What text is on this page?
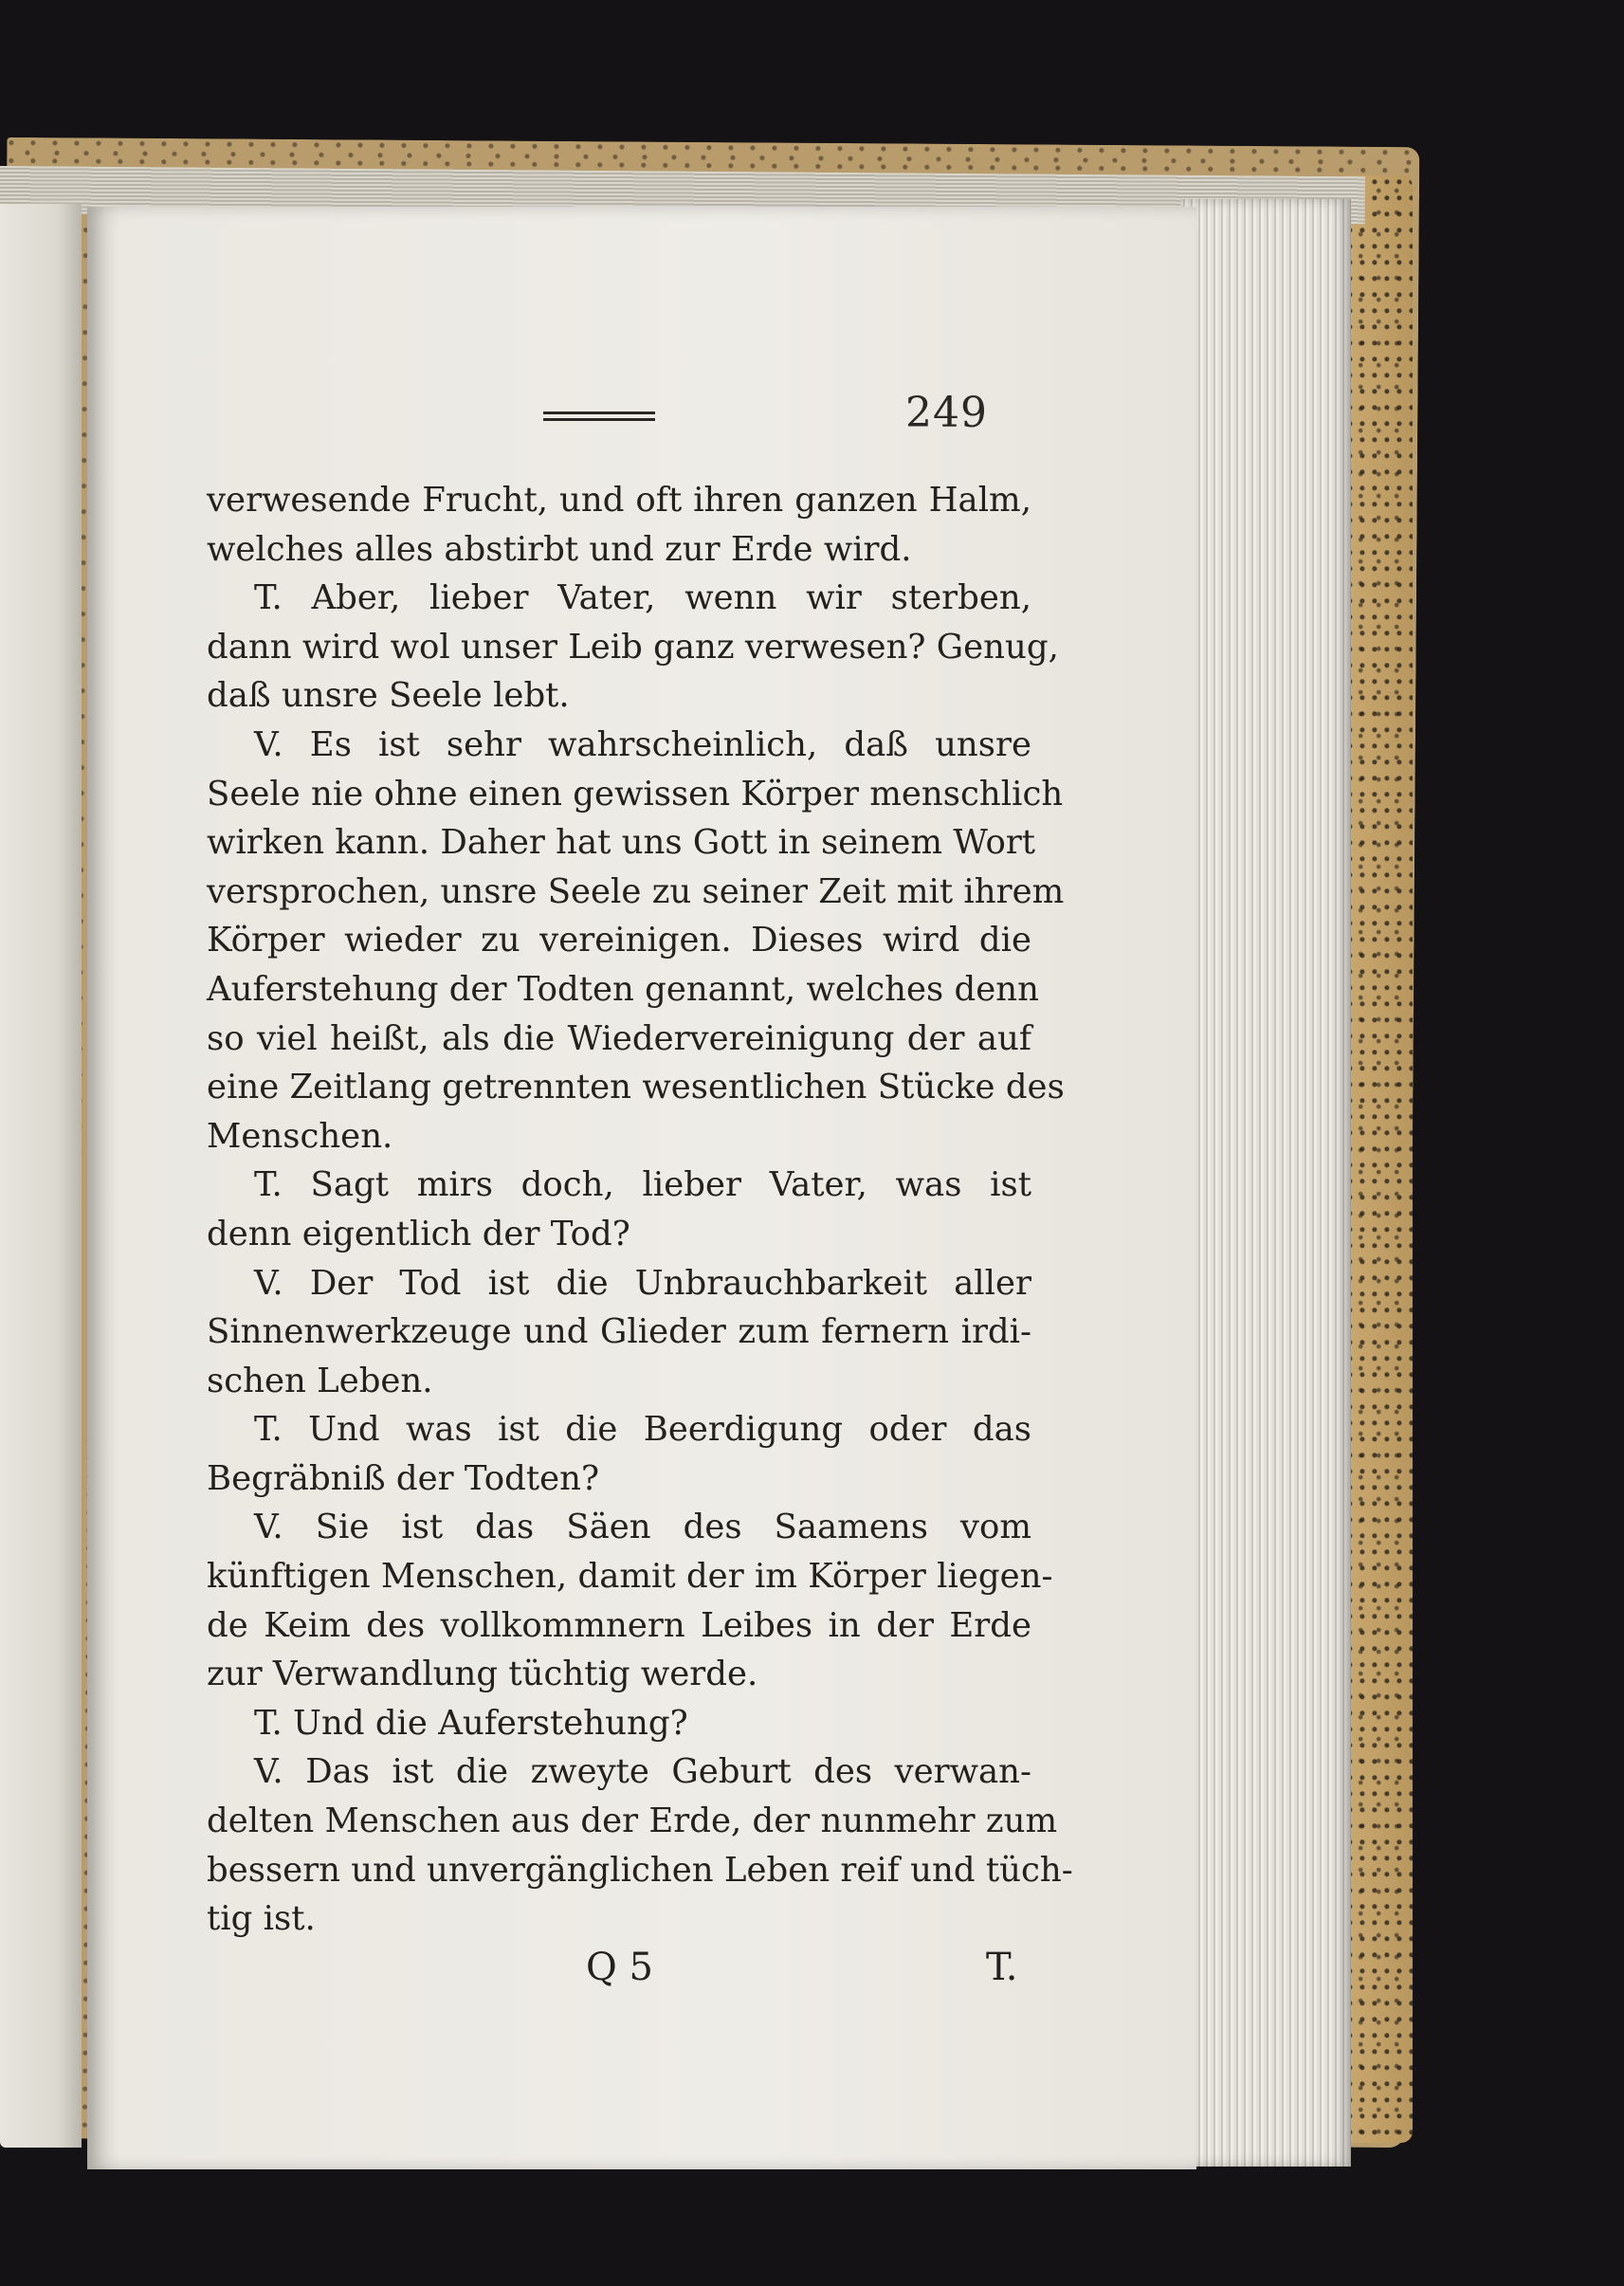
249
verwesende Frucht, und oft ihren ganzen Halm,
welches alles abstirbt und zur Erde wird.
T. Aber, lieber Vater, wenn wir sterben,
dann wird wol unser Leib ganz verwesen? Genug,
daß unsre Seele lebt.
V. Es ist sehr wahrscheinlich, daß unsre
Seele nie ohne einen gewissen Körper menschlich
wirken kann. Daher hat uns Gott in seinem Wort
versprochen, unsre Seele zu seiner Zeit mit ihrem
Körper wieder zu vereinigen. Dieses wird die
Auferstehung der Todten genannt, welches denn
so viel heißt, als die Wiedervereinigung der auf
eine Zeitlang getrennten wesentlichen Stücke des
Menschen.
T. Sagt mirs doch, lieber Vater, was ist
denn eigentlich der Tod?
V. Der Tod ist die Unbrauchbarkeit aller
Sinnenwerkzeuge und Glieder zum fernern irdi-
schen Leben.
T. Und was ist die Beerdigung oder das
Begräbniß der Todten?
V. Sie ist das Säen des Saamens vom
künftigen Menschen, damit der im Körper liegen-
de Keim des vollkommnern Leibes in der Erde
zur Verwandlung tüchtig werde.
T. Und die Auferstehung?
V. Das ist die zweyte Geburt des verwan-
delten Menschen aus der Erde, der nunmehr zum
bessern und unvergänglichen Leben reif und tüch-
tig ist.
Q 5	T.
